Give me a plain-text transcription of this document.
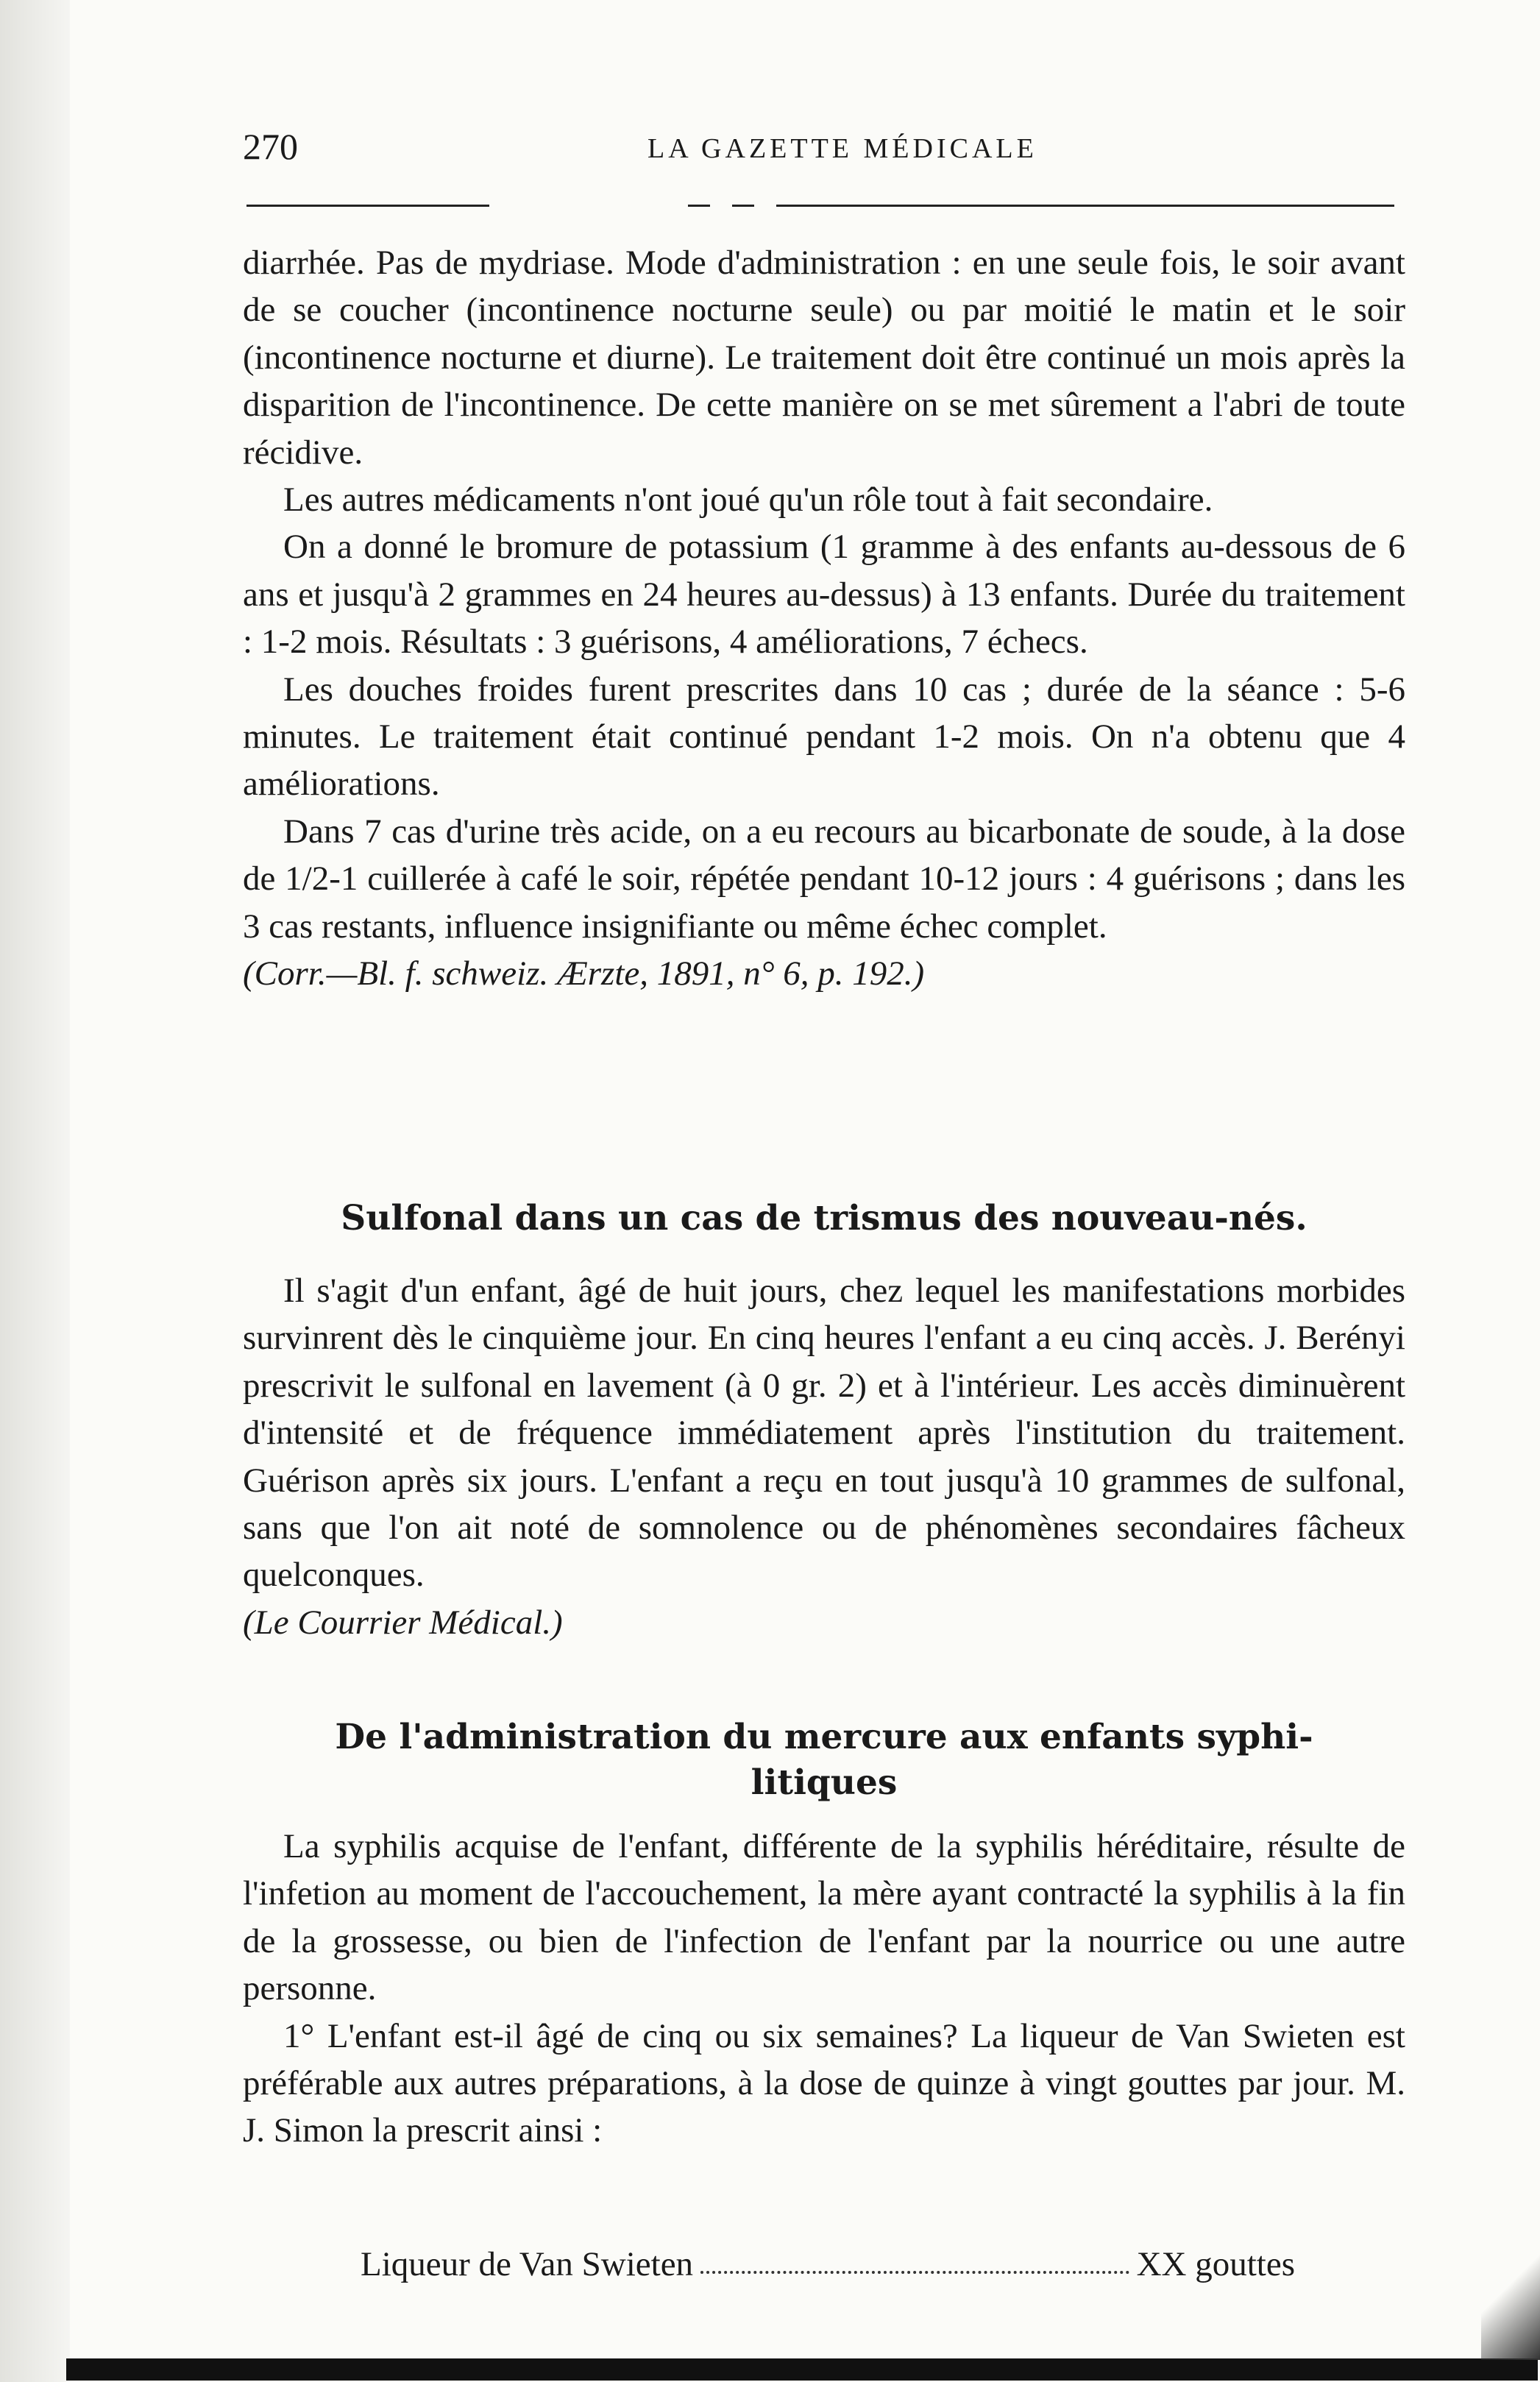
270	LA GAZETTE MÉDICALE

diarrhée. Pas de mydriase. Mode d'administration : en une seule fois, le soir avant de se coucher (incontinence nocturne seule) ou par moitié le matin et le soir (incontinence nocturne et diurne). Le traitement doit être continué un mois après la disparition de l'incontinence. De cette manière on se met sûrement a l'abri de toute récidive.

Les autres médicaments n'ont joué qu'un rôle tout à fait secondaire.

On a donné le bromure de potassium (1 gramme à des enfants au-dessous de 6 ans et jusqu'à 2 grammes en 24 heures au-dessus) à 13 enfants. Durée du traitement : 1-2 mois. Résultats : 3 guérisons, 4 améliorations, 7 échecs.

Les douches froides furent prescrites dans 10 cas ; durée de la séance : 5-6 minutes. Le traitement était continué pendant 1-2 mois. On n'a obtenu que 4 améliorations.

Dans 7 cas d'urine très acide, on a eu recours au bicarbonate de soude, à la dose de 1/2-1 cuillerée à café le soir, répétée pendant 10-12 jours : 4 guérisons ; dans les 3 cas restants, influence insignifiante ou même échec complet.

(Corr.—Bl. f. schweiz. Ærzte, 1891, n° 6, p. 192.)

Sulfonal dans un cas de trismus des nouveau-nés.

Il s'agit d'un enfant, âgé de huit jours, chez lequel les manifestations morbides survinrent dès le cinquième jour. En cinq heures l'enfant a eu cinq accès. J. Berényi prescrivit le sulfonal en lavement (à 0 gr. 2) et à l'intérieur. Les accès diminuèrent d'intensité et de fréquence immédiatement après l'institution du traitement. Guérison après six jours. L'enfant a reçu en tout jusqu'à 10 grammes de sulfonal, sans que l'on ait noté de somnolence ou de phénomènes secondaires fâcheux quelconques.

(Le Courrier Médical.)

De l'administration du mercure aux enfants syphi-
litiques

La syphilis acquise de l'enfant, différente de la syphilis héréditaire, résulte de l'infetion au moment de l'accouchement, la mère ayant contracté la syphilis à la fin de la grossesse, ou bien de l'infection de l'enfant par la nourrice ou une autre personne.

1° L'enfant est-il âgé de cinq ou six semaines? La liqueur de Van Swieten est préférable aux autres préparations, à la dose de quinze à vingt gouttes par jour. M. J. Simon la prescrit ainsi :

Liqueur de Van Swieten	XX gouttes
